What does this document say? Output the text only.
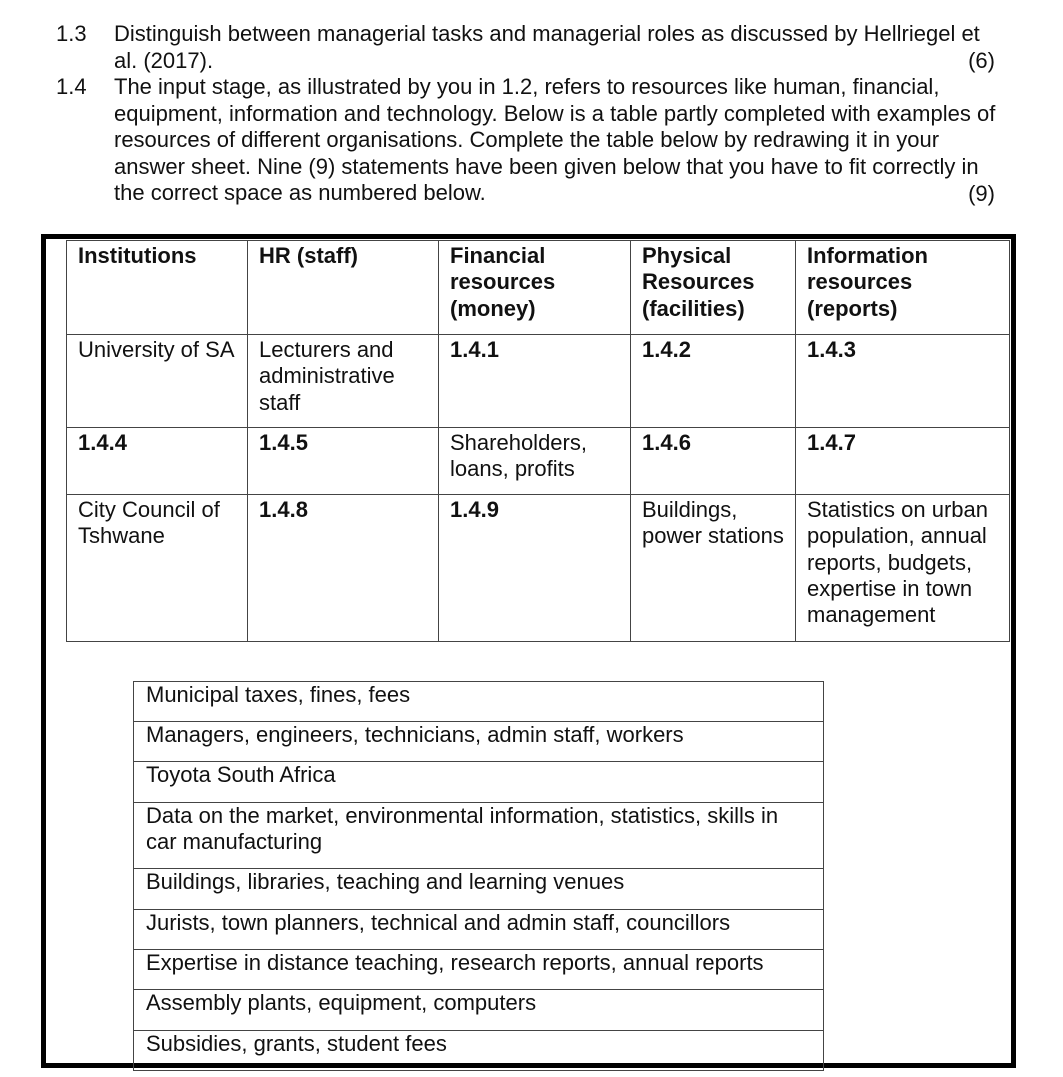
1.3 Distinguish between managerial tasks and managerial roles as discussed by Hellriegel et al. (2017).	(6)
1.4 The input stage, as illustrated by you in 1.2, refers to resources like human, financial, equipment, information and technology. Below is a table partly completed with examples of resources of different organisations. Complete the table below by redrawing it in your answer sheet. Nine (9) statements have been given below that you have to fit correctly in the correct space as numbered below.	(9)
Institutions	HR (staff)	Financial resources (money)	Physical Resources (facilities)	Information resources (reports)
University of SA	Lecturers and administrative staff	1.4.1	1.4.2	1.4.3
1.4.4	1.4.5	Shareholders, loans, profits	1.4.6	1.4.7
City Council of Tshwane	1.4.8	1.4.9	Buildings, power stations	Statistics on urban population, annual reports, budgets, expertise in town management
Municipal taxes, fines, fees
Managers, engineers, technicians, admin staff, workers
Toyota South Africa
Data on the market, environmental information, statistics, skills in car manufacturing
Buildings, libraries, teaching and learning venues
Jurists, town planners, technical and admin staff, councillors
Expertise in distance teaching, research reports, annual reports
Assembly plants, equipment, computers
Subsidies, grants, student fees
